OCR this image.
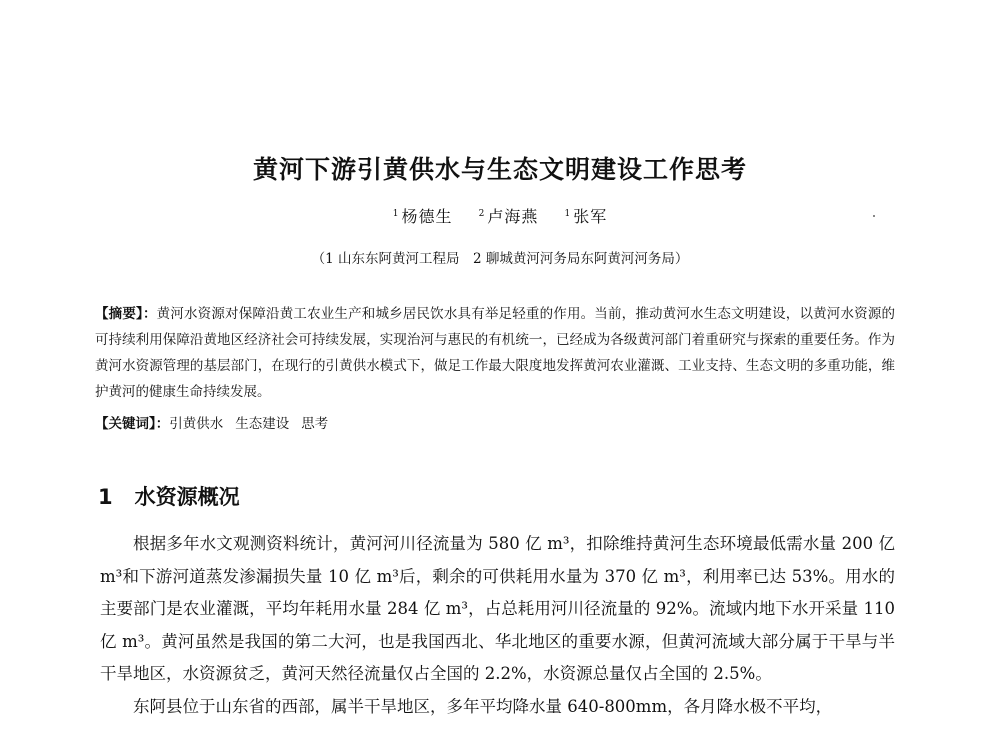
黄河下游引黄供水与生态文明建设工作思考
$^1$ 杨德生	$^2$ 卢海燕	$^1$ 张军
（1 山东东阿黄河工程局　2 聊城黄河河务局东阿黄河河务局）
【摘要】：黄河水资源对保障沿黄工农业生产和城乡居民饮水具有举足轻重的作用。当前，推动黄河水生态文明建设，以黄河水资源的可持续利用保障沿黄地区经济社会可持续发展，实现治河与惠民的有机统一，已经成为各级黄河部门着重研究与探索的重要任务。作为黄河水资源管理的基层部门，在现行的引黄供水模式下，做足工作最大限度地发挥黄河农业灌溉、工业支持、生态文明的多重功能，维护黄河的健康生命持续发展。
【关键词】：引黄供水 生态建设 思考
1 水资源概况

根据多年水文观测资料统计，黄河河川径流量为 580 亿 m³，扣除维持黄河生态环境最低需水量 200 亿 m³和下游河道蒸发渗漏损失量 10 亿 m³后，剩余的可供耗用水量为 370 亿 m³，利用率已达 53%。用水的主要部门是农业灌溉，平均年耗用水量 284 亿 m³，占总耗用河川径流量的 92%。流域内地下水开采量 110 亿 m³。黄河虽然是我国的第二大河，也是我国西北、华北地区的重要水源，但黄河流域大部分属于干旱与半干旱地区，水资源贫乏，黄河天然径流量仅占全国的 2.2%，水资源总量仅占全国的 2.5%。

东阿县位于山东省的西部，属半干旱地区，多年平均降水量 640-800mm，各月降水极不平均，
